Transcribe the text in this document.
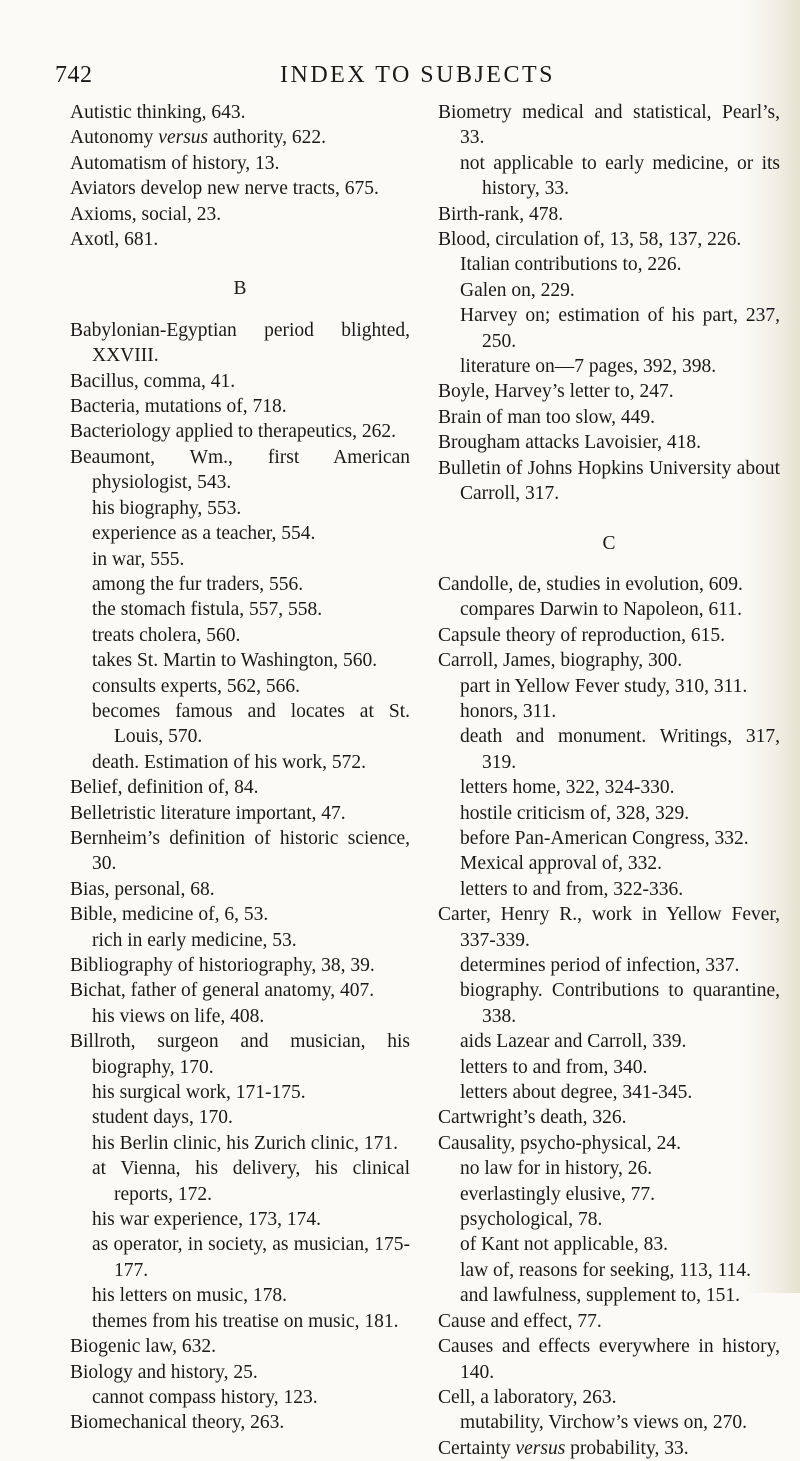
742	INDEX TO SUBJECTS
Autistic thinking, 643.
Autonomy versus authority, 622.
Automatism of history, 13.
Aviators develop new nerve tracts, 675.
Axioms, social, 23.
Axotl, 681.
B
Babylonian-Egyptian period blighted, XXVIII.
Bacillus, comma, 41.
Bacteria, mutations of, 718.
Bacteriology applied to therapeutics, 262.
Beaumont, Wm., first American physiologist, 543.
his biography, 553.
experience as a teacher, 554.
in war, 555.
among the fur traders, 556.
the stomach fistula, 557, 558.
treats cholera, 560.
takes St. Martin to Washington, 560.
consults experts, 562, 566.
becomes famous and locates at St. Louis, 570.
death. Estimation of his work, 572.
Belief, definition of, 84.
Belletristic literature important, 47.
Bernheim’s definition of historic science, 30.
Bias, personal, 68.
Bible, medicine of, 6, 53.
rich in early medicine, 53.
Bibliography of historiography, 38, 39.
Bichat, father of general anatomy, 407.
his views on life, 408.
Billroth, surgeon and musician, his biography, 170.
his surgical work, 171-175.
student days, 170.
his Berlin clinic, his Zurich clinic, 171.
at Vienna, his delivery, his clinical reports, 172.
his war experience, 173, 174.
as operator, in society, as musician, 175-177.
his letters on music, 178.
themes from his treatise on music, 181.
Biogenic law, 632.
Biology and history, 25.
cannot compass history, 123.
Biomechanical theory, 263.
Biometry medical and statistical, Pearl’s, 33.
not applicable to early medicine, or its history, 33.
Birth-rank, 478.
Blood, circulation of, 13, 58, 137, 226.
Italian contributions to, 226.
Galen on, 229.
Harvey on; estimation of his part, 237, 250.
literature on—7 pages, 392, 398.
Boyle, Harvey’s letter to, 247.
Brain of man too slow, 449.
Brougham attacks Lavoisier, 418.
Bulletin of Johns Hopkins University about Carroll, 317.
C
Candolle, de, studies in evolution, 609.
compares Darwin to Napoleon, 611.
Capsule theory of reproduction, 615.
Carroll, James, biography, 300.
part in Yellow Fever study, 310, 311.
honors, 311.
death and monument. Writings, 317, 319.
letters home, 322, 324-330.
hostile criticism of, 328, 329.
before Pan-American Congress, 332.
Mexical approval of, 332.
letters to and from, 322-336.
Carter, Henry R., work in Yellow Fever, 337-339.
determines period of infection, 337.
biography. Contributions to quarantine, 338.
aids Lazear and Carroll, 339.
letters to and from, 340.
letters about degree, 341-345.
Cartwright’s death, 326.
Causality, psycho-physical, 24.
no law for in history, 26.
everlastingly elusive, 77.
psychological, 78.
of Kant not applicable, 83.
law of, reasons for seeking, 113, 114.
and lawfulness, supplement to, 151.
Cause and effect, 77.
Causes and effects everywhere in history, 140.
Cell, a laboratory, 263.
mutability, Virchow’s views on, 270.
Certainty versus probability, 33.
